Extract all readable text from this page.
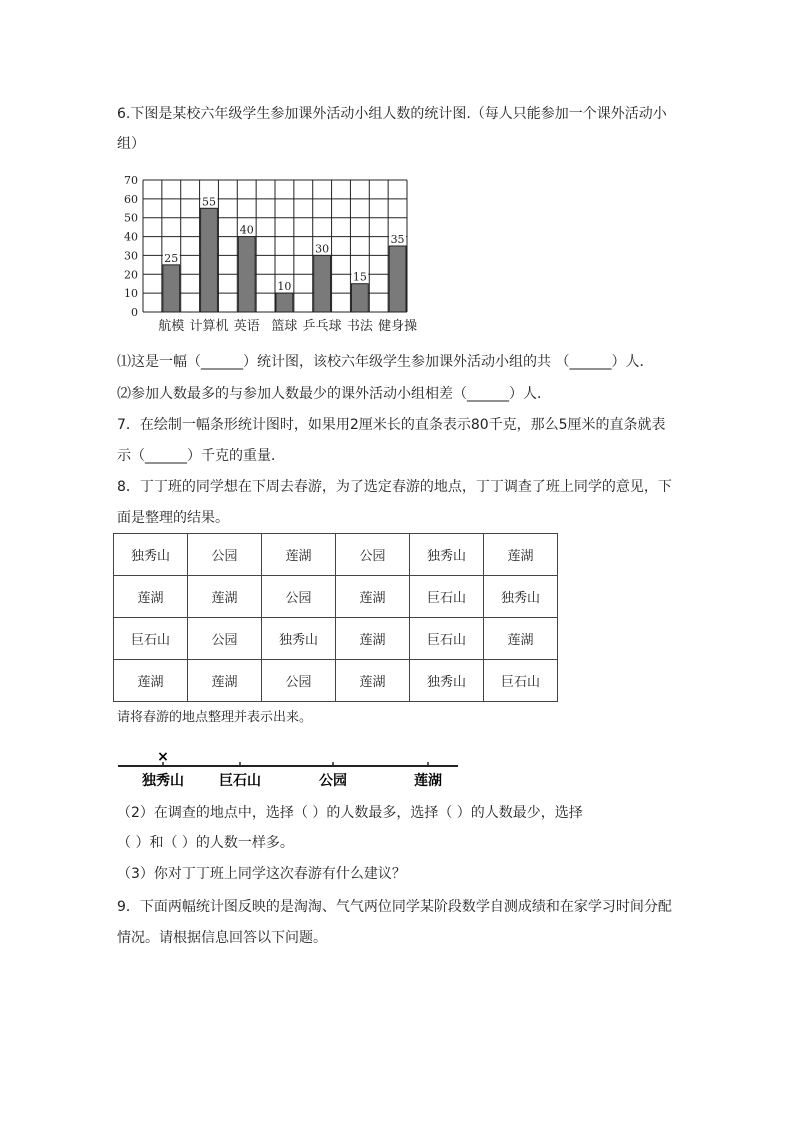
6.下图是某校六年级学生参加课外活动小组人数的统计图.（每人只能参加一个课外活动小
组）
0
10
20
30
40
50
60
70
25
55
40
10
30
15
35
航模 计算机 英语 篮球 乒乓球 书法 健身操
⑴这是一幅（______）统计图，该校六年级学生参加课外活动小组的共 （______）人．
⑵参加人数最多的与参加人数最少的课外活动小组相差（______）人．
7．在绘制一幅条形统计图时，如果用2厘米长的直条表示80千克，那么5厘米的直条就表
示（______）千克的重量．
8．丁丁班的同学想在下周去春游，为了选定春游的地点，丁丁调查了班上同学的意见，下
面是整理的结果。
独秀山	公园	莲湖	公园	独秀山	莲湖
莲湖	莲湖	公园	莲湖	巨石山	独秀山
巨石山	公园	独秀山	莲湖	巨石山	莲湖
莲湖	莲湖	公园	莲湖	独秀山	巨石山
请将春游的地点整理并表示出来。
×
独秀山	巨石山	公园	莲湖
（2）在调查的地点中，选择（ ）的人数最多，选择（ ）的人数最少，选择
（ ）和（ ）的人数一样多。
（3）你对丁丁班上同学这次春游有什么建议？
9．下面两幅统计图反映的是淘淘、气气两位同学某阶段数学自测成绩和在家学习时间分配
情况。请根据信息回答以下问题。
